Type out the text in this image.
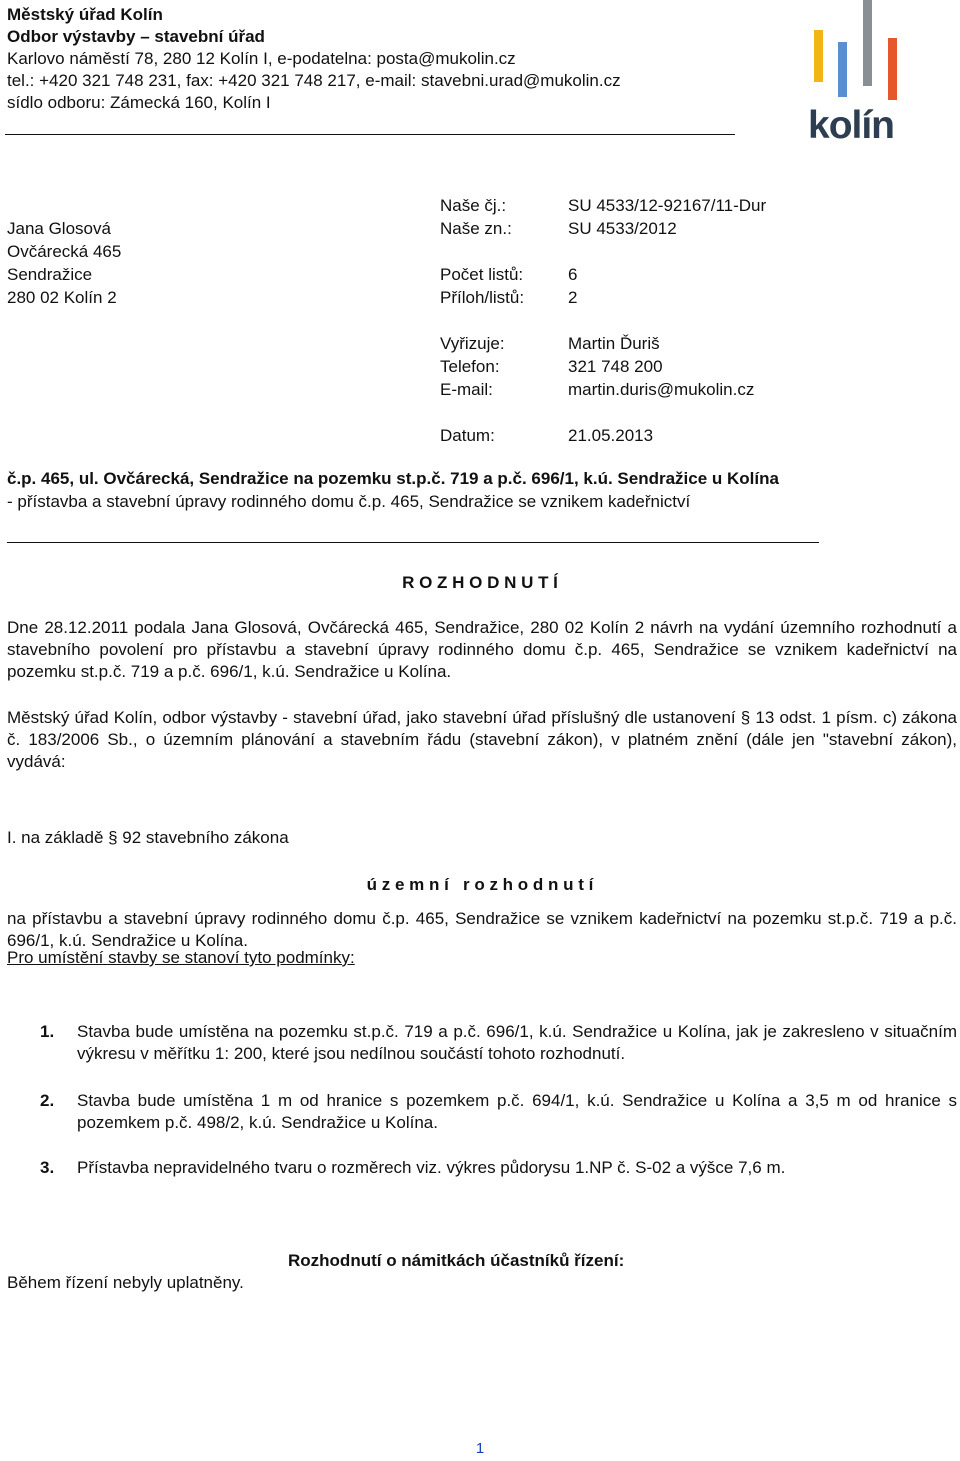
Městský úřad Kolín
Odbor výstavby – stavební úřad
Karlovo náměstí 78, 280 12 Kolín I, e-podatelna: posta@mukolin.cz
tel.: +420 321 748 231, fax: +420 321 748 217, e-mail: stavebni.urad@mukolin.cz
sídlo odboru: Zámecká 160, Kolín I
kolín
Jana Glosová
Ovčárecká 465
Sendražice
280 02 Kolín 2
Naše čj.:	SU 4533/12-92167/11-Dur
Naše zn.:	SU 4533/2012
Počet listů:	6
Příloh/listů:	2
Vyřizuje:	Martin Ďuriš
Telefon:	321 748 200
E-mail:	martin.duris@mukolin.cz
Datum:	21.05.2013
č.p. 465, ul. Ovčárecká, Sendražice na pozemku st.p.č. 719 a p.č. 696/1, k.ú. Sendražice u Kolína
- přístavba a stavební úpravy rodinného domu č.p. 465, Sendražice se vznikem kadeřnictví
R O Z H O D N U T Í
Dne 28.12.2011 podala Jana Glosová, Ovčárecká 465, Sendražice, 280 02 Kolín 2 návrh na vydání územního rozhodnutí a stavebního povolení pro přístavbu a stavební úpravy rodinného domu č.p. 465, Sendražice se vznikem kadeřnictví na pozemku st.p.č. 719 a p.č. 696/1, k.ú. Sendražice u Kolína.
Městský úřad Kolín, odbor výstavby - stavební úřad, jako stavební úřad příslušný dle ustanovení § 13 odst. 1 písm. c) zákona č. 183/2006 Sb., o územním plánování a stavebním řádu (stavební zákon), v platném znění (dále jen "stavební zákon), vydává:
I. na základě § 92 stavebního zákona
ú z e m n í   r o z h o d n u t í
na přístavbu a stavební úpravy rodinného domu č.p. 465, Sendražice se vznikem kadeřnictví na pozemku st.p.č. 719 a p.č. 696/1, k.ú. Sendražice u Kolína.
Pro umístění stavby se stanoví tyto podmínky:
1. Stavba bude umístěna na pozemku st.p.č. 719 a p.č. 696/1, k.ú. Sendražice u Kolína, jak je zakresleno v situačním výkresu v měřítku 1: 200, které jsou nedílnou součástí tohoto rozhodnutí.
2. Stavba bude umístěna 1 m od hranice s pozemkem p.č. 694/1, k.ú. Sendražice u Kolína a 3,5 m od hranice s pozemkem p.č. 498/2, k.ú. Sendražice u Kolína.
3. Přístavba nepravidelného tvaru o rozměrech viz. výkres půdorysu 1.NP č. S-02 a výšce 7,6 m.
Rozhodnutí o námitkách účastníků řízení:
Během řízení nebyly uplatněny.
1
